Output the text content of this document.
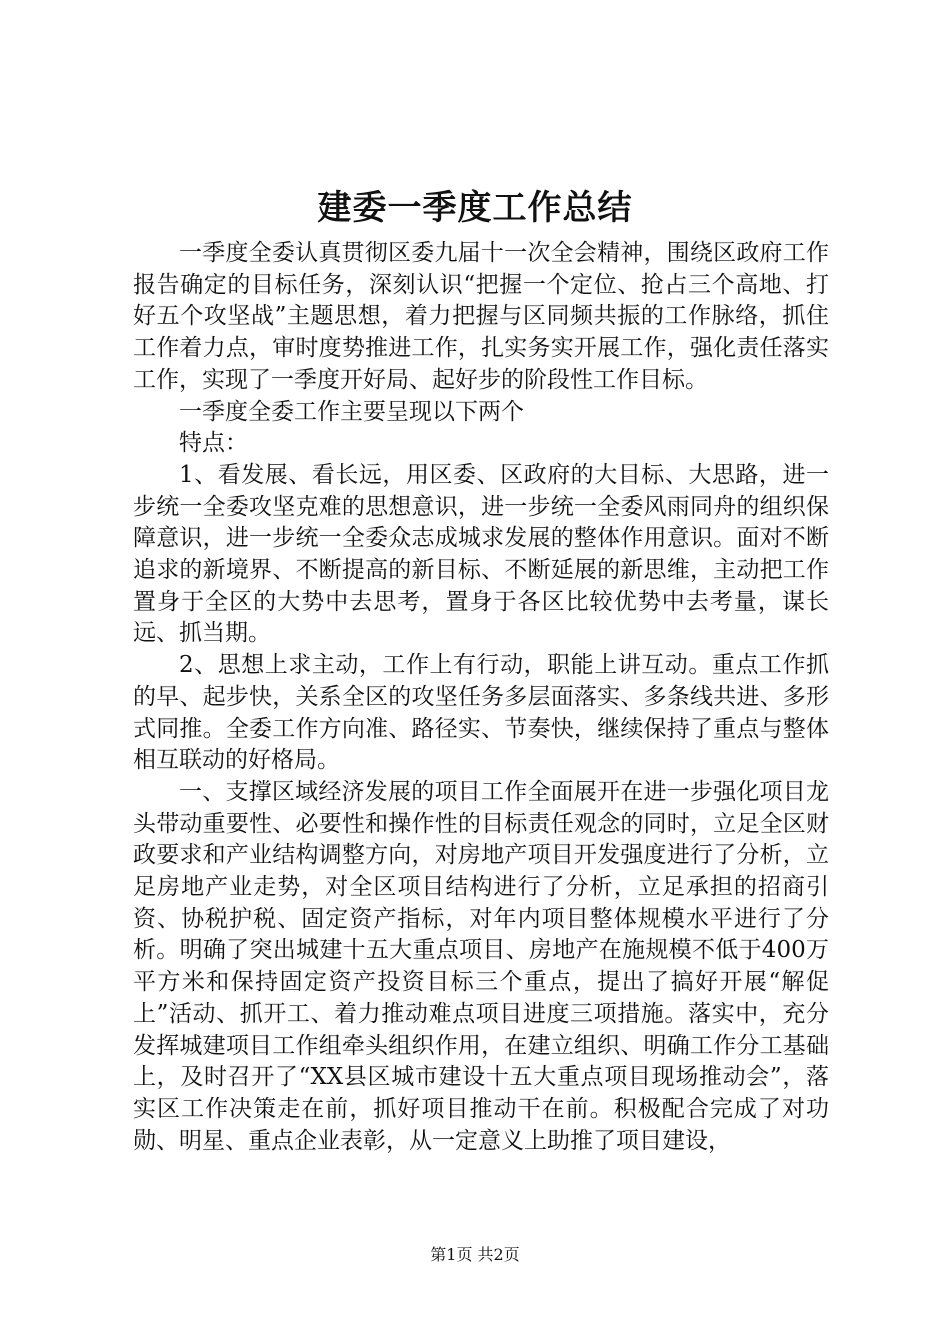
建委一季度工作总结

一季度全委认真贯彻区委九届十一次全会精神，围绕区政府工作报告确定的目标任务，深刻认识“把握一个定位、抢占三个高地、打好五个攻坚战”主题思想，着力把握与区同频共振的工作脉络，抓住工作着力点，审时度势推进工作，扎实务实开展工作，强化责任落实工作，实现了一季度开好局、起好步的阶段性工作目标。

一季度全委工作主要呈现以下两个

特点：

1、看发展、看长远，用区委、区政府的大目标、大思路，进一步统一全委攻坚克难的思想意识，进一步统一全委风雨同舟的组织保障意识，进一步统一全委众志成城求发展的整体作用意识。面对不断追求的新境界、不断提高的新目标、不断延展的新思维，主动把工作置身于全区的大势中去思考，置身于各区比较优势中去考量，谋长远、抓当期。

2、思想上求主动，工作上有行动，职能上讲互动。重点工作抓的早、起步快，关系全区的攻坚任务多层面落实、多条线共进、多形式同推。全委工作方向准、路径实、节奏快，继续保持了重点与整体相互联动的好格局。

一、支撑区域经济发展的项目工作全面展开在进一步强化项目龙头带动重要性、必要性和操作性的目标责任观念的同时，立足全区财政要求和产业结构调整方向，对房地产项目开发强度进行了分析，立足房地产业走势，对全区项目结构进行了分析，立足承担的招商引资、协税护税、固定资产指标，对年内项目整体规模水平进行了分析。明确了突出城建十五大重点项目、房地产在施规模不低于400万平方米和保持固定资产投资目标三个重点，提出了搞好开展“解促上”活动、抓开工、着力推动难点项目进度三项措施。落实中，充分发挥城建项目工作组牵头组织作用，在建立组织、明确工作分工基础上，及时召开了“XX县区城市建设十五大重点项目现场推动会”，落实区工作决策走在前，抓好项目推动干在前。积极配合完成了对功勋、明星、重点企业表彰，从一定意义上助推了项目建设，

第1页 共2页
